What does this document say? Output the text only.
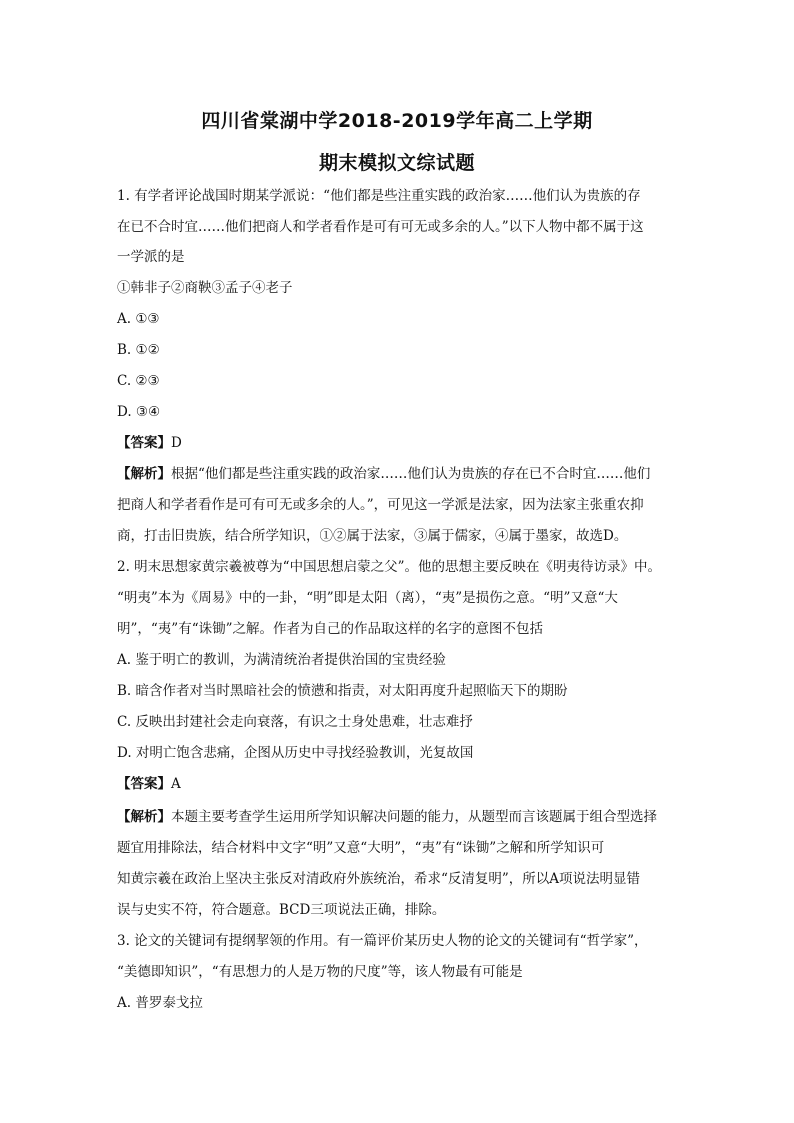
四川省棠湖中学2018-2019学年高二上学期
期末模拟文综试题
1. 有学者评论战国时期某学派说：“他们都是些注重实践的政治家……他们认为贵族的存
在已不合时宜……他们把商人和学者看作是可有可无或多余的人。”以下人物中都不属于这
一学派的是
①韩非子②商鞅③孟子④老子
A. ①③
B. ①②
C. ②③
D. ③④
【答案】D
【解析】根据“他们都是些注重实践的政治家……他们认为贵族的存在已不合时宜……他们
把商人和学者看作是可有可无或多余的人。”，可见这一学派是法家，因为法家主张重农抑
商，打击旧贵族，结合所学知识，①②属于法家，③属于儒家，④属于墨家，故选D。
2. 明末思想家黄宗羲被尊为“中国思想启蒙之父”。他的思想主要反映在《明夷待访录》中。
“明夷”本为《周易》中的一卦，“明”即是太阳（离），“夷”是损伤之意。“明”又意“大
明”，“夷”有“诛锄”之解。作者为自己的作品取这样的名字的意图不包括
A. 鉴于明亡的教训，为满清统治者提供治国的宝贵经验
B. 暗含作者对当时黑暗社会的愤懑和指责，对太阳再度升起照临天下的期盼
C. 反映出封建社会走向衰落，有识之士身处患难，壮志难抒
D. 对明亡饱含悲痛，企图从历史中寻找经验教训，光复故国
【答案】A
【解析】本题主要考查学生运用所学知识解决问题的能力，从题型而言该题属于组合型选择
题宜用排除法，结合材料中文字“明”又意“大明”，“夷”有“诛锄”之解和所学知识可
知黄宗羲在政治上坚决主张反对清政府外族统治，希求“反清复明”，所以A项说法明显错
误与史实不符，符合题意。BCD三项说法正确，排除。
3. 论文的关键词有提纲挈领的作用。有一篇评价某历史人物的论文的关键词有“哲学家”，
“美德即知识”，“有思想力的人是万物的尺度”等，该人物最有可能是
A. 普罗泰戈拉
